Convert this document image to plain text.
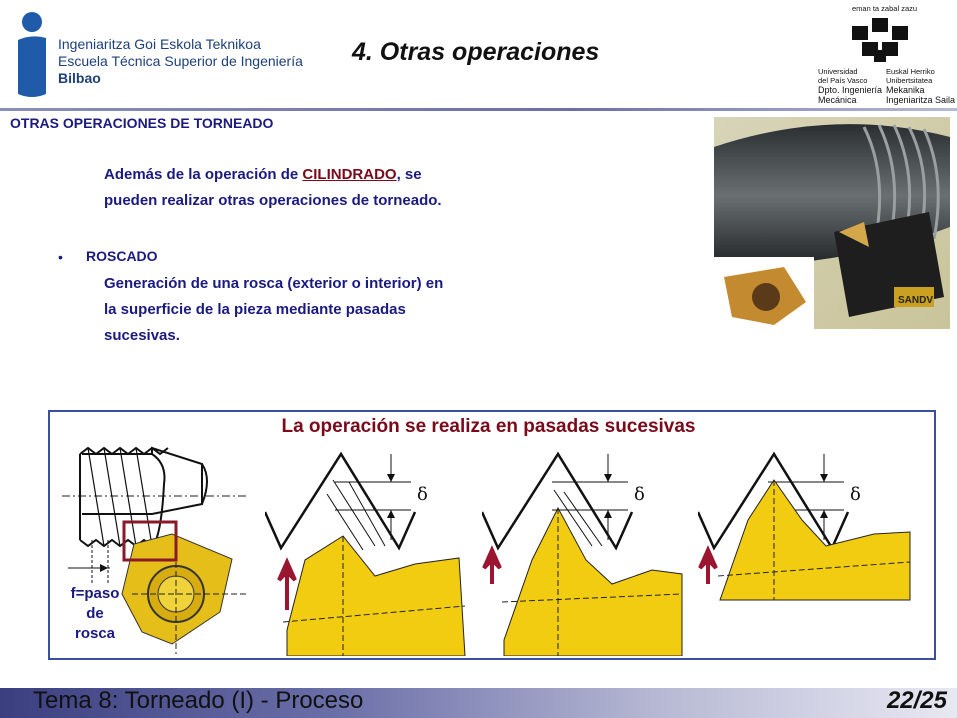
Ingeniaritza Goi Eskola Teknikoa
Escuela Técnica Superior de Ingeniería
Bilbao
4. Otras operaciones
eman ta zabal zazu
Universidad
del País Vasco
Dpto. Ingeniería
Mecánica
Euskal Herriko
Unibertsitatea
Mekanika
Ingeniaritza Saila
OTRAS OPERACIONES DE TORNEADO
Además de la operación de CILINDRADO, se
pueden realizar otras operaciones de torneado.
• ROSCADO
Generación de una rosca (exterior o interior) en
la superficie de la pieza mediante pasadas
sucesivas.
SANDV
La operación se realiza en pasadas sucesivas
f=paso
de
rosca
δ	δ	δ
Tema 8: Torneado (I) - Proceso	22/25
